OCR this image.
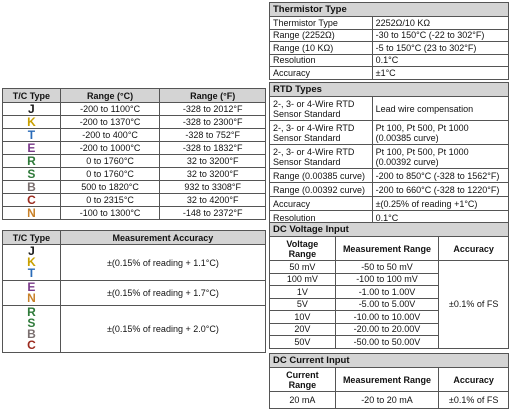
T/C Type	Range (°C)	Range (°F)
J	-200 to 1100°C	-328 to 2012°F
K	-200 to 1370°C	-328 to 2300°F
T	-200 to 400°C	-328 to 752°F
E	-200 to 1000°C	-328 to 1832°F
R	0 to 1760°C	32 to 3200°F
S	0 to 1760°C	32 to 3200°F
B	500 to 1820°C	932 to 3308°F
C	0 to 2315°C	32 to 4200°F
N	-100 to 1300°C	-148 to 2372°F
T/C Type	Measurement Accuracy

J
K
T	±(0.15% of reading + 1.1°C)

E
N	±(0.15% of reading + 1.7°C)

R
S
B
C	±(0.15% of reading + 2.0°C)
Thermistor Type	
Thermistor Type	2252Ω/10 KΩ
Range (2252Ω)	-30 to 150°C (-22 to 302°F)
Range (10 KΩ)	-5 to 150°C (23 to 302°F)
Resolution	0.1°C
Accuracy	±1°C
RTD Types	
2-, 3- or 4-Wire RTD Sensor Standard	Lead wire compensation
2-, 3- or 4-Wire RTD Sensor Standard	Pt 100, Pt 500, Pt 1000 (0.00385 curve)
2-, 3- or 4-Wire RTD Sensor Standard	Pt 100, Pt 500, Pt 1000 (0.00392 curve)
Range (0.00385 curve)	-200 to 850°C (-328 to 1562°F)
Range (0.00392 curve)	-200 to 660°C (-328 to 1220°F)
Accuracy	±(0.25% of reading +1°C)
Resolution	0.1°C
DC Voltage Input		
Voltage Range	Measurement Range	Accuracy
50 mV	-50 to 50 mV	±0.1% of FS
100 mV	-100 to 100 mV	
1V	-1.00 to 1.00V	
5V	-5.00 to 5.00V	
10V	-10.00 to 10.00V	
20V	-20.00 to 20.00V	
50V	-50.00 to 50.00V	
DC Current Input		
Current Range	Measurement Range	Accuracy
20 mA	-20 to 20 mA	±0.1% of FS
